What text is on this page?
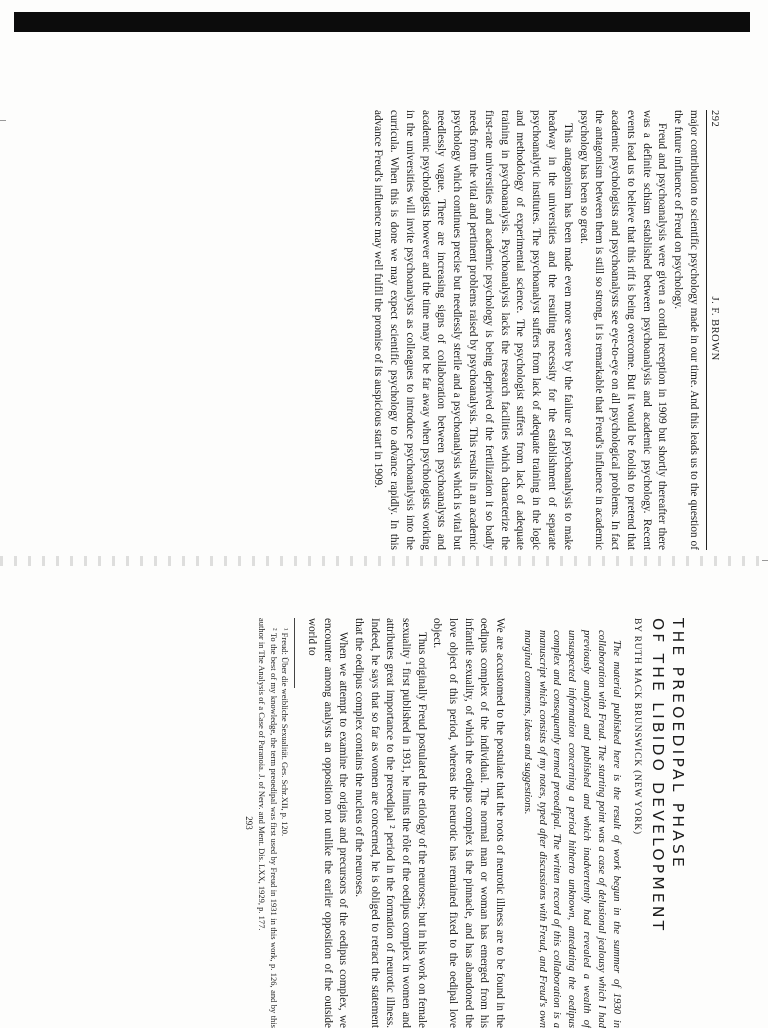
292
J. F. BROWN

major contribution to scientific psychology made in our time. And this leads us to the question of the future influence of Freud on psychology.

Freud and psychoanalysis were given a cordial reception in 1909 but shortly thereafter there was a definite schism established between psychoanalysis and academic psychology. Recent events lead us to believe that this rift is being overcome. But it would be foolish to pretend that academic psychologists and psychoanalysts see eye-to-eye on all psychological problems. In fact the antagonism between them is still so strong, it is remarkable that Freud's influence in academic psychology has been so great.

This antagonism has been made even more severe by the failure of psychoanalysis to make headway in the universities and the resulting necessity for the establishment of separate psychoanalytic institutes. The psychoanalyst suffers from lack of adequate training in the logic and methodology of experimental science. The psychologist suffers from lack of adequate training in psychoanalysis. Psychoanalysis lacks the research facilities which characterize the first-rate universities and academic psychology is being deprived of the fertilization it so badly needs from the vital and pertinent problems raised by psychoanalysis. This results in an academic psychology which continues precise but needlessly sterile and a psychoanalysis which is vital but needlessly vague. There are increasing signs of collaboration between psychoanalysts and academic psychologists however and the time may not be far away when psychologists working in the universities will invite psychoanalysts as colleagues to introduce psychoanalysis into the curricula. When this is done we may expect scientific psychology to advance rapidly. In this advance Freud's influence may well fulfil the promise of its auspicious start in 1909.

THE PREOEDIPAL PHASE
OF THE LIBIDO DEVELOPMENT
BY RUTH MACK BRUNSWICK (NEW YORK)

The material published here is the result of work begun in the summer of 1930 in collaboration with Freud. The starting point was a case of delusional jealousy which I had previously analyzed and published and which inadvertently had revealed a wealth of unsuspected information concerning a period hitherto unknown, antedating the oedipus complex and consequently termed preoedipal. The written record of this collaboration is a manuscript which consists of my notes, typed after discussions with Freud, and Freud's own marginal comments, ideas and suggestions.

We are accustomed to the postulate that the roots of neurotic illness are to be found in the oedipus complex of the individual. The normal man or woman has emerged from his infantile sexuality, of which the oedipus complex is the pinnacle, and has abandoned the love object of this period, whereas the neurotic has remained fixed to the oedipal love object.

Thus originally Freud postulated the etiology of the neuroses; but in his work on female sexuality ¹ first published in 1931, he limits the rôle of the oedipus complex in women and attributes great importance to the preoedipal ² period in the formation of neurotic illness. Indeed, he says that so far as women are concerned, he is obliged to retract the statement that the oedipus complex contains the nucleus of the neuroses.

When we attempt to examine the origins and precursors of the oedipus complex, we encounter among analysts an opposition not unlike the earlier opposition of the outside world to

¹ Freud: Über die weibliche Sexualität. Ges. Schr.XII, p. 120.

² To the best of my knowledge, the term preoedipal was first used by Freud in 1931 in this work, p. 126, and by this author in The Analysis of a Case of Paranoia. J. of Nerv. and Ment. Dis. LXX, 1929, p. 177.

293
